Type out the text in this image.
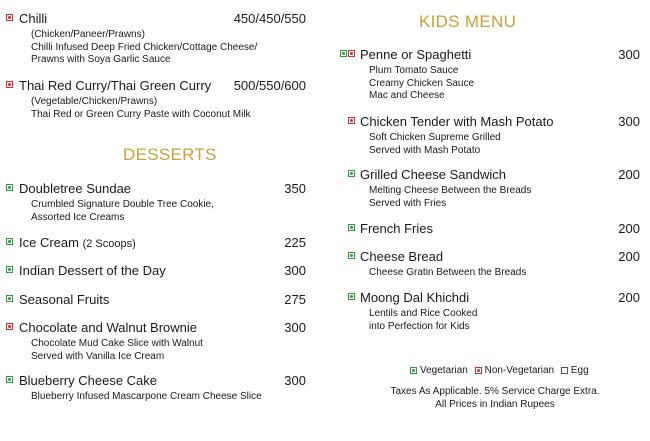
Chilli	450/450/550
(Chicken/Paneer/Prawns)
Chilli Infused Deep Fried Chicken/Cottage Cheese/
Prawns with Soya Garlic Sauce
Thai Red Curry/Thai Green Curry 500/550/600
(Vegetable/Chicken/Prawns)
Thai Red or Green Curry Paste with Coconut Milk
DESSERTS
Doubletree Sundae	350
Crumbled Signature Double Tree Cookie,
Assorted Ice Creams
Ice Cream (2 Scoops)	225
Indian Dessert of the Day	300
Seasonal Fruits	275
Chocolate and Walnut Brownie	300
Chocolate Mud Cake Slice with Walnut
Served with Vanilla Ice Cream
Blueberry Cheese Cake	300
Blueberry Infused Mascarpone Cream Cheese Slice
KIDS MENU
Penne or Spaghetti	300
Plum Tomato Sauce
Creamy Chicken Sauce
Mac and Cheese
Chicken Tender with Mash Potato	300
Soft Chicken Supreme Grilled
Served with Mash Potato
Grilled Cheese Sandwich	200
Melting Cheese Between the Breads
Served with Fries
French Fries	200
Cheese Bread	200
Cheese Gratin Between the Breads
Moong Dal Khichdi	200
Lentils and Rice Cooked
into Perfection for Kids
Vegetarian Non-Vegetarian Egg
Taxes As Applicable. 5% Service Charge Extra.
All Prices in Indian Rupees
